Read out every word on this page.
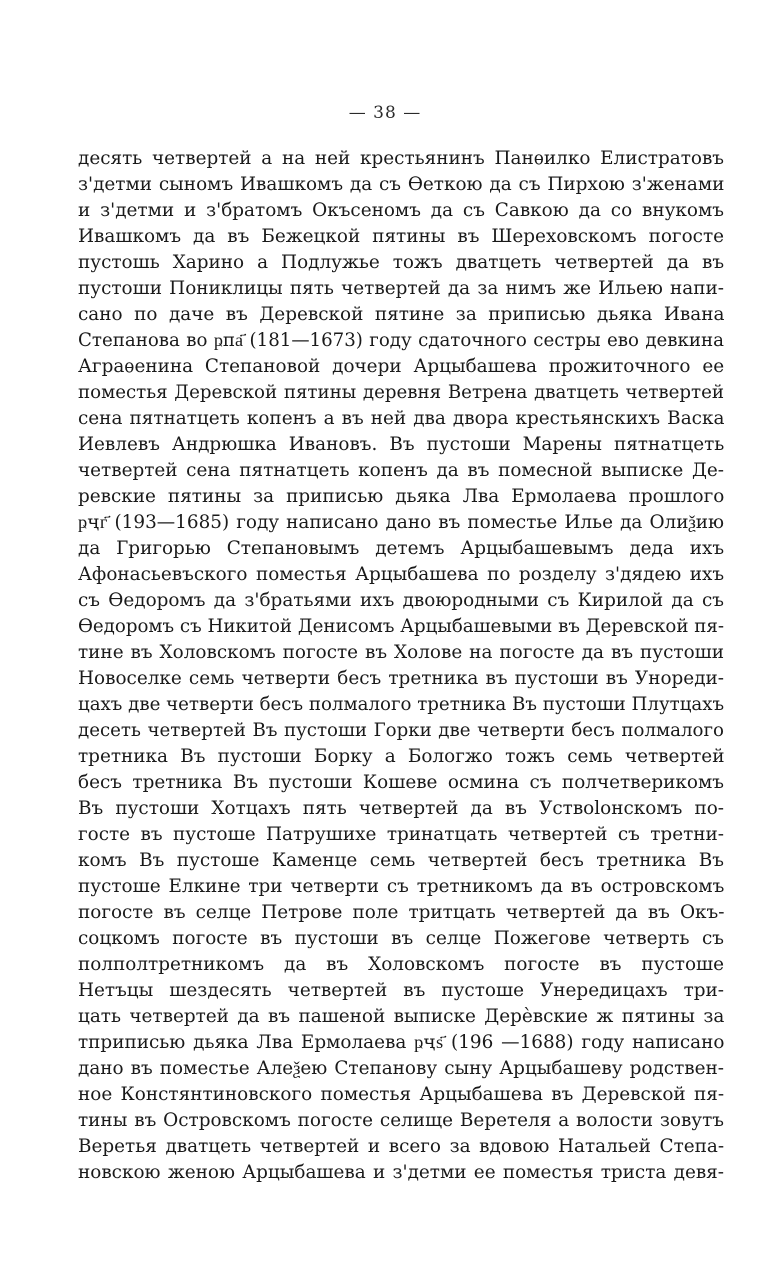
— 38 —
десять четвертей а на ней крестьянинъ Панѳилко Елистратовъ
з'детми сыномъ Ивашкомъ да съ Ѳеткою да съ Пирхою з'женами
и з'детми и з'братомъ Окъсеномъ да съ Савкою да со внукомъ
Ивашкомъ да въ Бежецкой пятины въ Шереховскомъ погосте
пустошь Харино а Подлужье тожъ дватцеть четвертей да въ
пустоши Пониклицы пять четвертей да за нимъ же Ильею напи-
сано по даче въ Деревской пятине за приписью дьяка Ивана
Степанова во ҏпа҃ (181—1673) году сдаточного сестры ево девкина
Аграѳенина Степановой дочери Арцыбашева прожиточного ее
поместья Деревской пятины деревня Ветрена дватцеть четвертей
сена пятнатцеть копенъ а въ ней два двора крестьянскихъ Васка
Иевлевъ Андрюшка Ивановъ. Въ пустоши Марены пятнатцеть
четвертей сена пятнатцеть копенъ да въ помесной выписке Де-
ревские пятины за приписью дьяка Лва Ермолаева прошлого
ҏҷг҃ (193—1685) году написано дано въ поместье Илье да Олиѯию
да Григорью Степановымъ детемъ Арцыбашевымъ деда ихъ
Афонасьевъского поместья Арцыбашева по розделу з'дядею ихъ
съ Ѳедоромъ да з'братьями ихъ двоюродными съ Кирилой да съ
Ѳедоромъ съ Никитой Денисомъ Арцыбашевыми въ Деревской пя-
тине въ Холовскомъ погосте въ Холове на погосте да въ пустоши
Новоселке семь четверти бесъ третника въ пустоши въ Унореди-
цахъ две четверти бесъ полмалого третника Въ пустоши Плутцахъ
десеть четвертей Въ пустоши Горки две четверти бесъ полмалого
третника Въ пустоши Борку а Бологжо тожъ семь четвертей
бесъ третника Въ пустоши Кошеве осмина съ полчетверикомъ
Въ пустоши Хотцахъ пять четвертей да въ Уствolонскомъ по-
госте въ пустоше Патрушихе тринатцать четвертей съ третни-
комъ Въ пустоше Каменце семь четвертей бесъ третника Въ
пустоше Елкине три четверти съ третникомъ да въ островскомъ
погосте въ селце Петрове поле тритцать четвертей да въ Окъ-
соцкомъ погосте въ пустоши въ селце Пожегове четверть съ
полполтретникомъ да въ Холовскомъ погосте въ пустоше
Нетъцы шездесять четвертей въ пустоше Унередицахъ три-
цать четвертей да въ пашеной выписке Дерѐвские ж пятины за
тприписью дьяка Лва Ермолаева ҏҷѕ҃ (196 —1688) году написано
дано въ поместье Алеѯею Степанову сыну Арцыбашеву родствен-
ное Констянтиновского поместья Арцыбашева въ Деревской пя-
тины въ Островскомъ погосте селище Веретеля а волости зовутъ
Веретья дватцеть четвертей и всего за вдовою Натальей Степа-
новскою женою Арцыбашева и з'детми ее поместья триста девя-
